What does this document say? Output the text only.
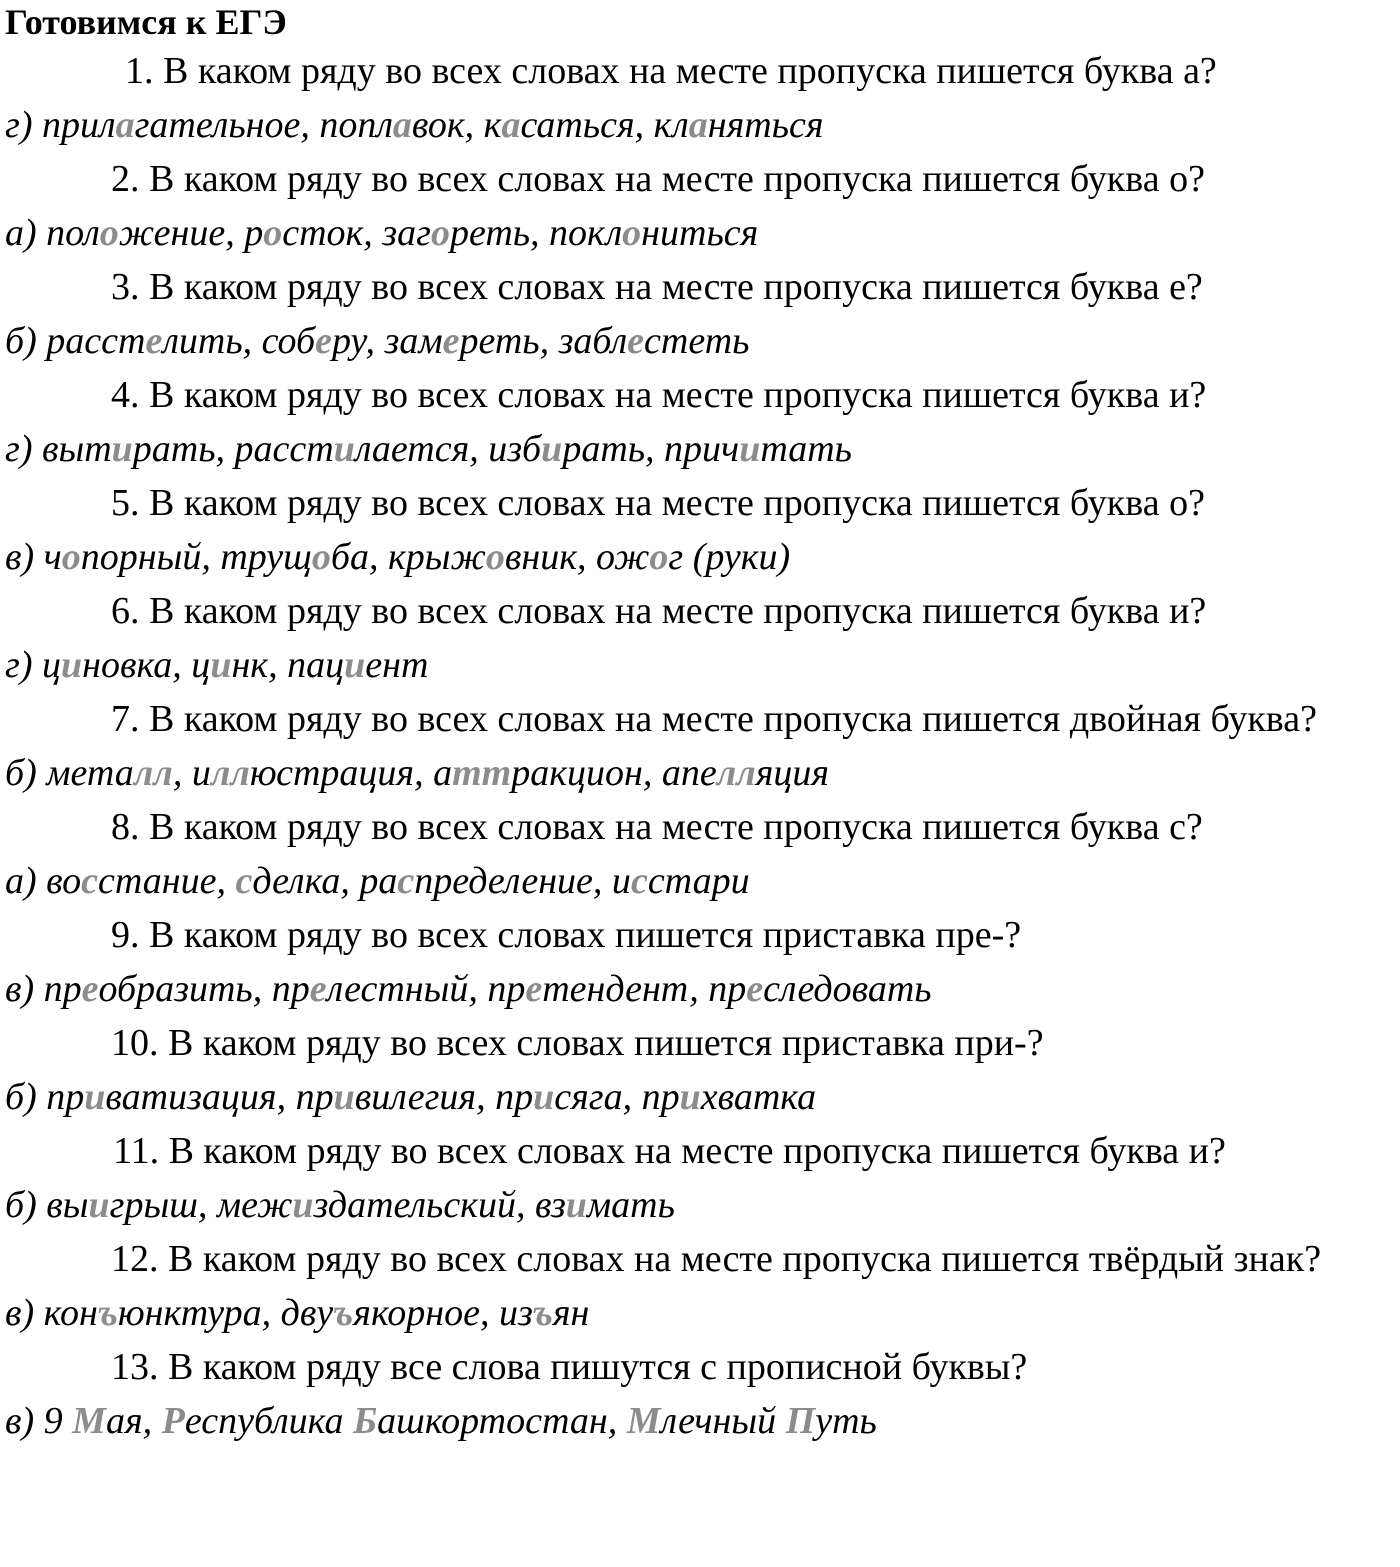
Готовимся к ЕГЭ
1. В каком ряду во всех словах на месте пропуска пишется буква а?
г) прилагательное, поплавок, касаться, кланяться
2. В каком ряду во всех словах на месте пропуска пишется буква о?
а) положение, росток, загореть, поклониться
3. В каком ряду во всех словах на месте пропуска пишется буква е?
б) расстелить, соберу, замереть, заблестеть
4. В каком ряду во всех словах на месте пропуска пишется буква и?
г) вытирать, расстилается, избирать, причитать
5. В каком ряду во всех словах на месте пропуска пишется буква о?
в) чопорный, трущоба, крыжовник, ожог (руки)
6. В каком ряду во всех словах на месте пропуска пишется буква и?
г) циновка, цинк, пациент
7. В каком ряду во всех словах на месте пропуска пишется двойная буква?
б) металл, иллюстрация, аттракцион, апелляция
8. В каком ряду во всех словах на месте пропуска пишется буква с?
а) восстание, сделка, распределение, исстари
9. В каком ряду во всех словах пишется приставка пре-?
в) преобразить, прелестный, претендент, преследовать
10. В каком ряду во всех словах пишется приставка при-?
б) приватизация, привилегия, присяга, прихватка
11. В каком ряду во всех словах на месте пропуска пишется буква и?
б) выигрыш, межиздательский, взимать
12. В каком ряду во всех словах на месте пропуска пишется твёрдый знак?
в) конъюнктура, двуъякорное, изъян
13. В каком ряду все слова пишутся с прописной буквы?
в) 9 Мая, Республика Башкортостан, Млечный Путь
